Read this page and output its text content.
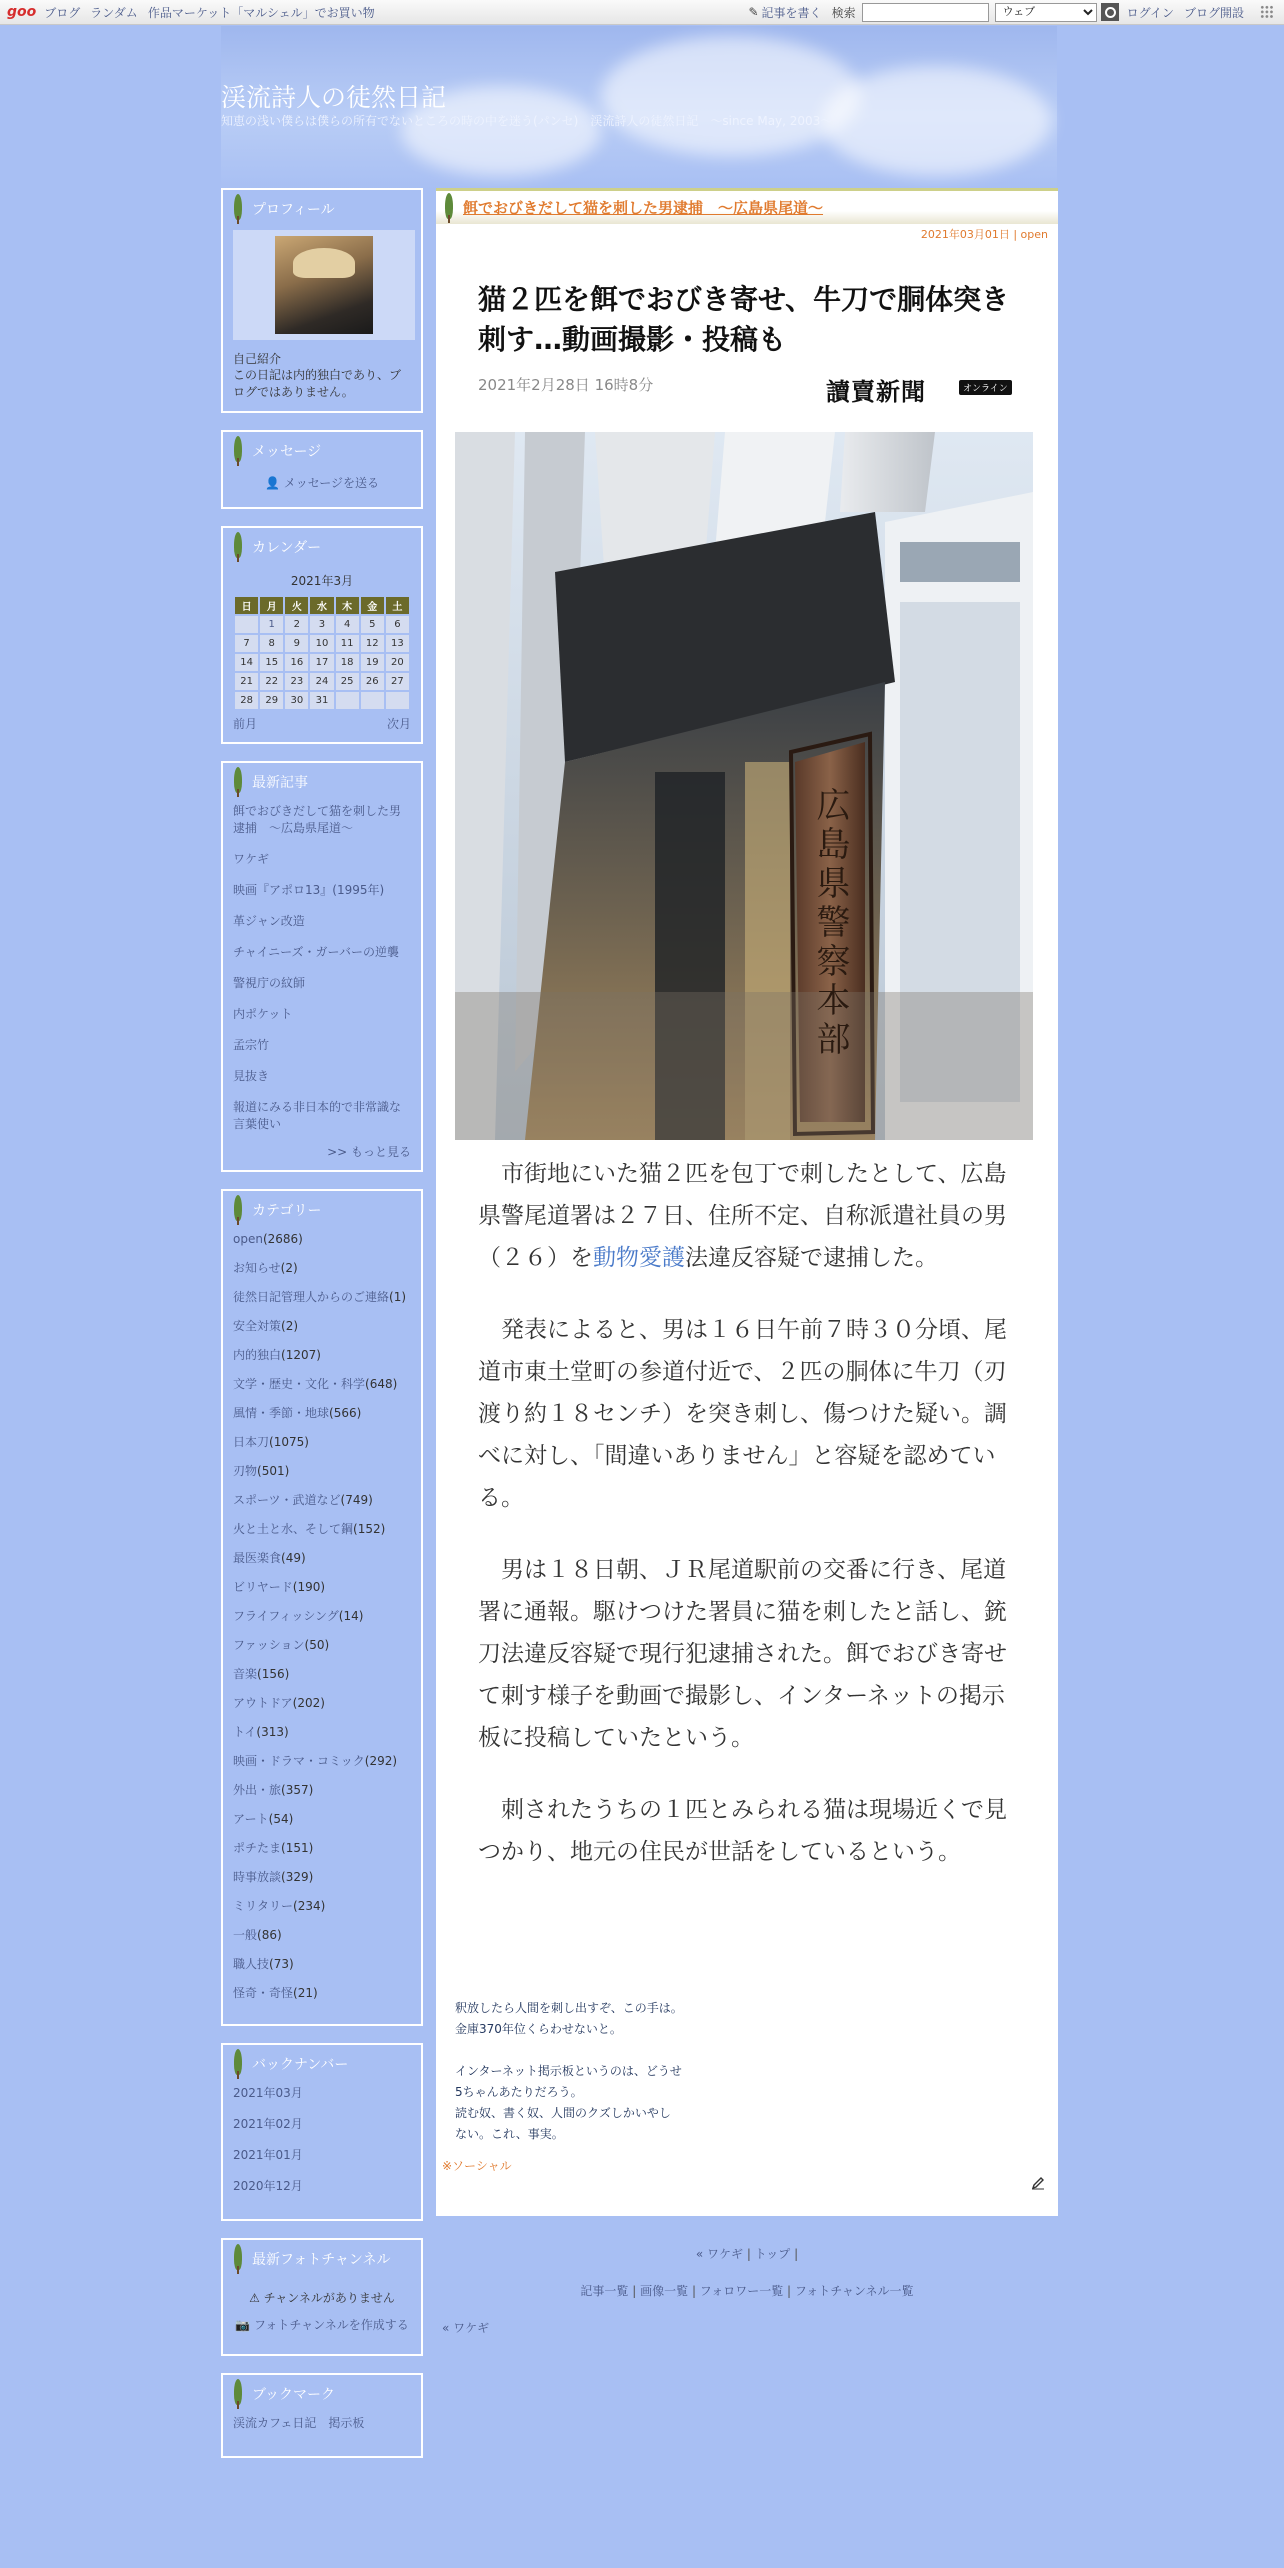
goo ブログ ランダム 作品マーケット「マルシェル」でお買い物	✎ 記事を書く 検索
ウェブ	ログイン ブログ開設
渓流詩人の徒然日記
知恵の浅い僕らは僕らの所有でないところの時の中を迷う(パンセ)　渓流詩人の徒然日記　～since May, 2003～
プロフィール
自己紹介
この日記は内的独白であり、ブログではありません。
メッセージ
👤 メッセージを送る
カレンダー
2021年3月
日	月	火	水	木	金	土
	1	2	3	4	5	6
7	8	9	10	11	12	13
14	15	16	17	18	19	20
21	22	23	24	25	26	27
28	29	30	31			
前月	次月
最新記事
餌でおびきだして猫を刺した男逮捕　～広島県尾道～
ワケギ
映画『アポロ13』(1995年)
革ジャン改造
チャイニーズ・ガーバーの逆襲
警視庁の紋師
内ポケット
孟宗竹
見抜き
報道にみる非日本的で非常識な言葉使い
>> もっと見る
カテゴリー
open(2686)
お知らせ(2)
徒然日記管理人からのご連絡(1)
安全対策(2)
内的独白(1207)
文学・歴史・文化・科学(648)
風情・季節・地球(566)
日本刀(1075)
刃物(501)
スポーツ・武道など(749)
火と土と水、そして鋼(152)
最医楽食(49)
ビリヤード(190)
フライフィッシング(14)
ファッション(50)
音楽(156)
アウトドア(202)
トイ(313)
映画・ドラマ・コミック(292)
外出・旅(357)
アート(54)
ポチたま(151)
時事放談(329)
ミリタリー(234)
一般(86)
職人技(73)
怪奇・奇怪(21)
バックナンバー
2021年03月
2021年02月
2021年01月
2020年12月
最新フォトチャンネル

⚠ チャンネルがありません

📷 フォトチャンネルを作成する

ブックマーク
渓流カフェ日記　掲示板
餌でおびきだして猫を刺した男逮捕　～広島県尾道～
2021年03月01日 | open
猫２匹を餌でおびき寄せ、牛刀で胴体突き刺す…動画撮影・投稿も
2021年2月28日 16時8分	讀賣新聞	オンライン
広島県警察本部

市街地にいた猫２匹を包丁で刺したとして、広島県警尾道署は２７日、住所不定、自称派遣社員の男（２６）を動物愛護法違反容疑で逮捕した。

発表によると、男は１６日午前７時３０分頃、尾道市東土堂町の参道付近で、２匹の胴体に牛刀（刃渡り約１８センチ）を突き刺し、傷つけた疑い。調べに対し、「間違いありません」と容疑を認めている。

男は１８日朝、ＪＲ尾道駅前の交番に行き、尾道署に通報。駆けつけた署員に猫を刺したと話し、銃刀法違反容疑で現行犯逮捕された。餌でおびき寄せて刺す様子を動画で撮影し、インターネットの掲示板に投稿していたという。

刺されたうちの１匹とみられる猫は現場近くで見つかり、地元の住民が世話をしているという。

釈放したら人間を刺し出すぞ、この手は。
金庫370年位くらわせないと。

インターネット掲示板というのは、どうせ
5ちゃんあたりだろう。
読む奴、書く奴、人間のクズしかいやし
ない。これ、事実。
※ソーシャル
« ワケギ | トップ |
記事一覧 | 画像一覧 | フォロワー一覧 | フォトチャンネル一覧
« ワケギ
